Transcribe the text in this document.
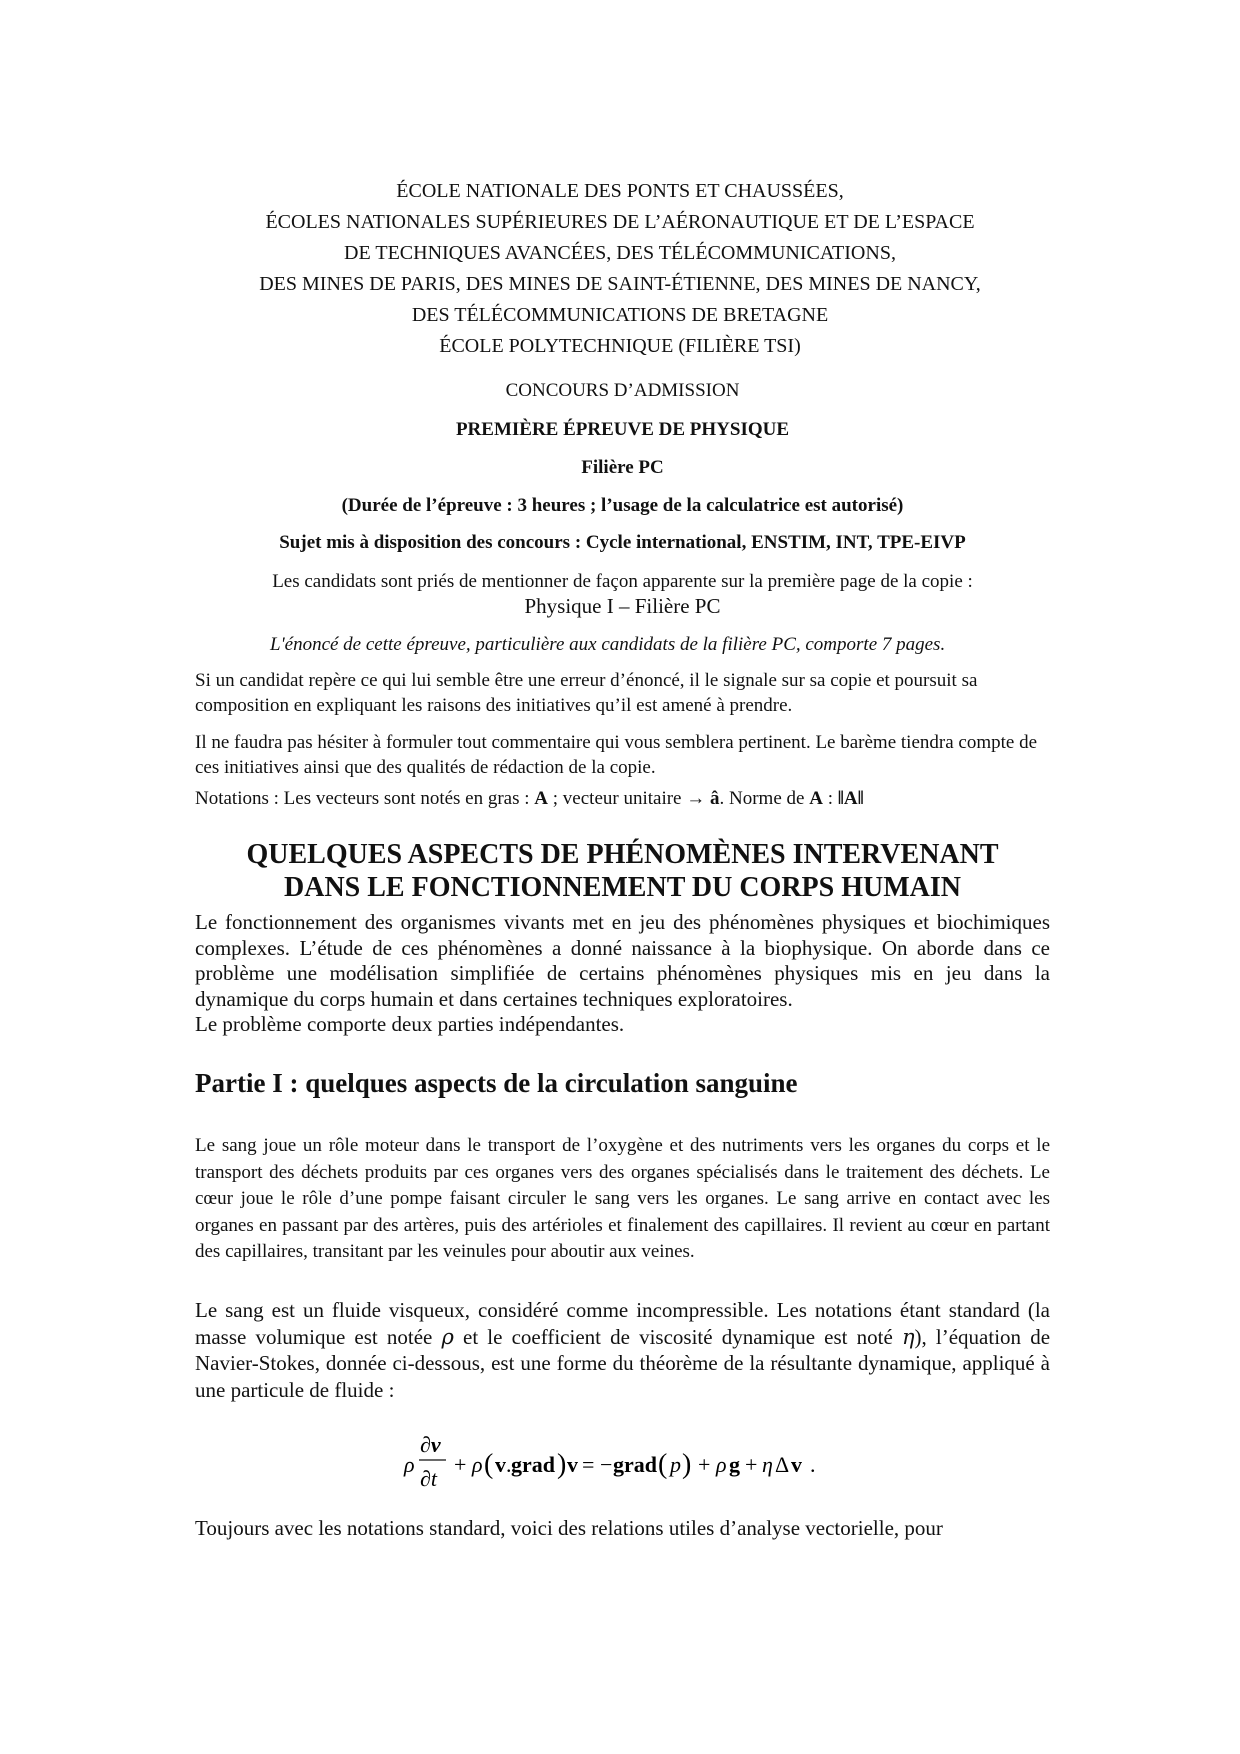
ÉCOLE NATIONALE DES PONTS ET CHAUSSÉES,
ÉCOLES NATIONALES SUPÉRIEURES DE L’AÉRONAUTIQUE ET DE L’ESPACE
DE TECHNIQUES AVANCÉES, DES TÉLÉCOMMUNICATIONS,
DES MINES DE PARIS, DES MINES DE SAINT-ÉTIENNE, DES MINES DE NANCY,
DES TÉLÉCOMMUNICATIONS DE BRETAGNE
ÉCOLE POLYTECHNIQUE (FILIÈRE TSI)
CONCOURS D’ADMISSION
PREMIÈRE ÉPREUVE DE PHYSIQUE
Filière PC
(Durée de l’épreuve : 3 heures ; l’usage de la calculatrice est autorisé)
Sujet mis à disposition des concours : Cycle international, ENSTIM, INT, TPE-EIVP
Les candidats sont priés de mentionner de façon apparente sur la première page de la copie :
Physique I – Filière PC
L'énoncé de cette épreuve, particulière aux candidats de la filière PC, comporte 7 pages.
Si un candidat repère ce qui lui semble être une erreur d’énoncé, il le signale sur sa copie et poursuit sa composition en expliquant les raisons des initiatives qu’il est amené à prendre.
Il ne faudra pas hésiter à formuler tout commentaire qui vous semblera pertinent. Le barème tiendra compte de ces initiatives ainsi que des qualités de rédaction de la copie.
Notations : Les vecteurs sont notés en gras : A ; vecteur unitaire → â. Norme de A : ‖A‖
QUELQUES ASPECTS DE PHÉNOMÈNES INTERVENANT
DANS LE FONCTIONNEMENT DU CORPS HUMAIN

Le fonctionnement des organismes vivants met en jeu des phénomènes physiques et biochimiques complexes. L’étude de ces phénomènes a donné naissance à la biophysique. On aborde dans ce problème une modélisation simplifiée de certains phénomènes physiques mis en jeu dans la dynamique du corps humain et dans certaines techniques exploratoires.

Le problème comporte deux parties indépendantes.

Partie I : quelques aspects de la circulation sanguine
Le sang joue un rôle moteur dans le transport de l’oxygène et des nutriments vers les organes du corps et le transport des déchets produits par ces organes vers des organes spécialisés dans le traitement des déchets. Le cœur joue le rôle d’une pompe faisant circuler le sang vers les organes. Le sang arrive en contact avec les organes en passant par des artères, puis des artérioles et finalement des capillaires. Il revient au cœur en partant des capillaires, transitant par les veinules pour aboutir aux veines.
Le sang est un fluide visqueux, considéré comme incompressible. Les notations étant standard (la masse volumique est notée ρ et le coefficient de viscosité dynamique est noté η), l’équation de Navier-Stokes, donnée ci-dessous, est une forme du théorème de la résultante dynamique, appliqué à une particule de fluide :
ρ
∂v
∂t
+ ρ ( v . grad ) v = − grad ( p ) + ρ g + η Δ v .
Toujours avec les notations standard, voici des relations utiles d’analyse vectorielle, pour
